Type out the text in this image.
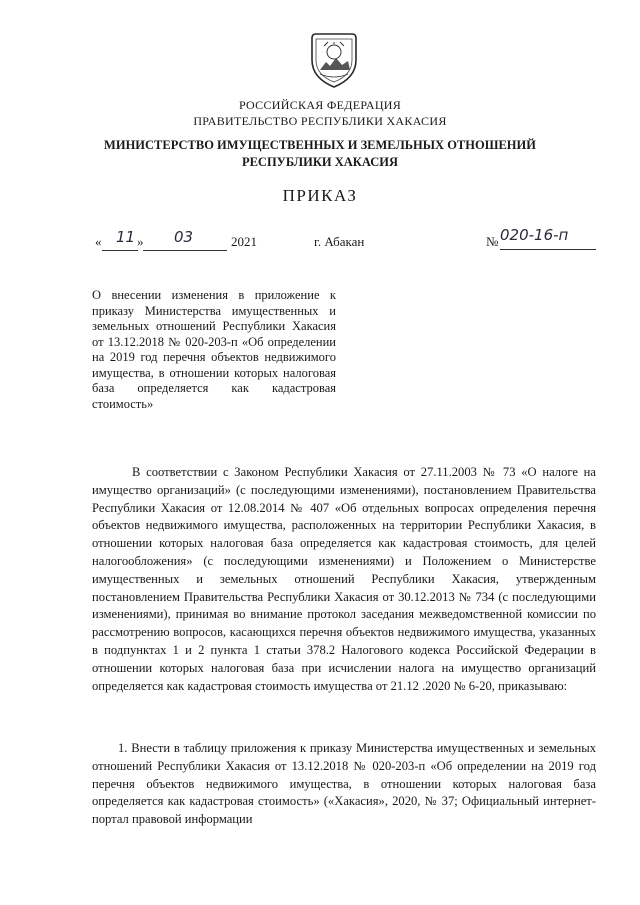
РОССИЙСКАЯ ФЕДЕРАЦИЯ
ПРАВИТЕЛЬСТВО РЕСПУБЛИКИ ХАКАСИЯ
МИНИСТЕРСТВО ИМУЩЕСТВЕННЫХ И ЗЕМЕЛЬНЫХ ОТНОШЕНИЙ
РЕСПУБЛИКИ ХАКАСИЯ
ПРИКАЗ
« 11 » 03	2021	г. Абакан	№ 020-16-п
О внесении изменения в приложение к приказу Министерства имущественных и земельных отношений Республики Хакасия от 13.12.2018 № 020-203-п «Об определении на 2019 год перечня объектов недвижимого имущества, в отношении которых налоговая база определяется как кадастровая стоимость»

В соответствии с Законом Республики Хакасия от 27.11.2003 № 73 «О налоге на имущество организаций» (с последующими изменениями), постановлением Правительства Республики Хакасия от 12.08.2014 № 407 «Об отдельных вопросах определения перечня объектов недвижимого имущества, расположенных на территории Республики Хакасия, в отношении которых налоговая база определяется как кадастровая стоимость, для целей налогообложения» (с последующими изменениями) и Положением о Министерстве имущественных и земельных отношений Республики Хакасия, утвержденным постановлением Правительства Республики Хакасия от 30.12.2013 № 734 (с последующими изменениями), принимая во внимание протокол заседания межведомственной комиссии по рассмотрению вопросов, касающихся перечня объектов недвижимого имущества, указанных в подпунктах 1 и 2 пункта 1 статьи 378.2 Налогового кодекса Российской Федерации в отношении которых налоговая база при исчислении налога на имущество организаций определяется как кадастровая стоимость имущества от 21.12 .2020 № 6-20, приказываю:

1. Внести в таблицу приложения к приказу Министерства имущественных и земельных отношений Республики Хакасия от 13.12.2018 № 020-203-п «Об определении на 2019 год перечня объектов недвижимого имущества, в отношении которых налоговая база определяется как кадастровая стоимость» («Хакасия», 2020, № 37; Официальный интернет-портал правовой информации
